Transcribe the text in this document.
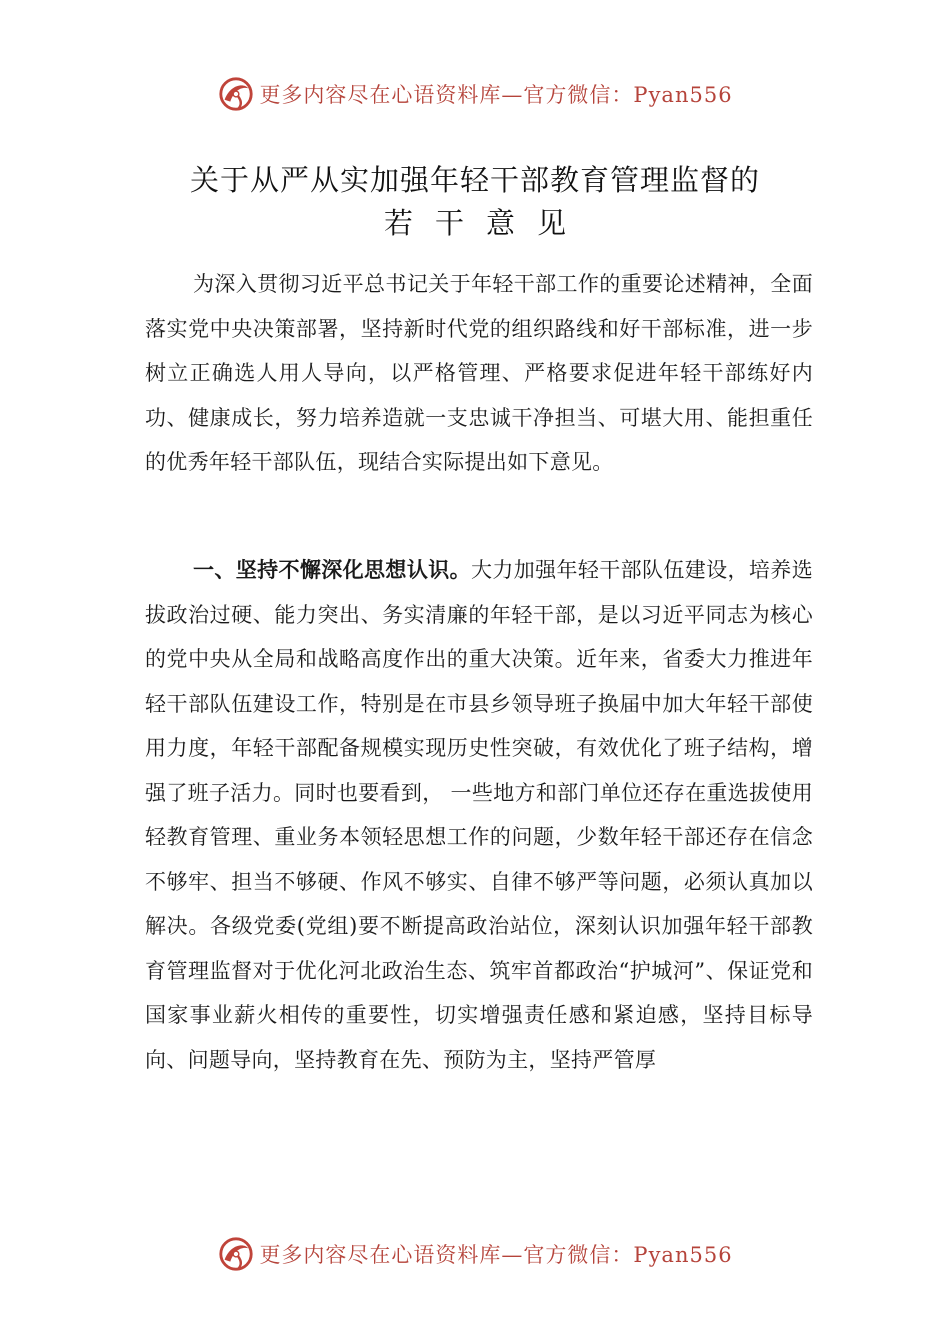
更多内容尽在心语资料库—官方微信：Pyan556
关于从严从实加强年轻干部教育管理监督的
若干意见

为深入贯彻习近平总书记关于年轻干部工作的重要论述精神，全面落实党中央决策部署，坚持新时代党的组织路线和好干部标准，进一步树立正确选人用人导向，以严格管理、严格要求促进年轻干部练好内功、健康成长，努力培养造就一支忠诚干净担当、可堪大用、能担重任的优秀年轻干部队伍，现结合实际提出如下意见。

一、坚持不懈深化思想认识。大力加强年轻干部队伍建设，培养选拔政治过硬、能力突出、务实清廉的年轻干部，是以习近平同志为核心的党中央从全局和战略高度作出的重大决策。近年来，省委大力推进年轻干部队伍建设工作，特别是在市县乡领导班子换届中加大年轻干部使用力度，年轻干部配备规模实现历史性突破，有效优化了班子结构，增强了班子活力。同时也要看到， 一些地方和部门单位还存在重选拔使用轻教育管理、重业务本领轻思想工作的问题，少数年轻干部还存在信念不够牢、担当不够硬、作风不够实、自律不够严等问题，必须认真加以解决。各级党委(党组)要不断提高政治站位，深刻认识加强年轻干部教育管理监督对于优化河北政治生态、筑牢首都政治“护城河”、保证党和国家事业薪火相传的重要性，切实增强责任感和紧迫感，坚持目标导向、问题导向，坚持教育在先、预防为主，坚持严管厚

更多内容尽在心语资料库—官方微信：Pyan556
